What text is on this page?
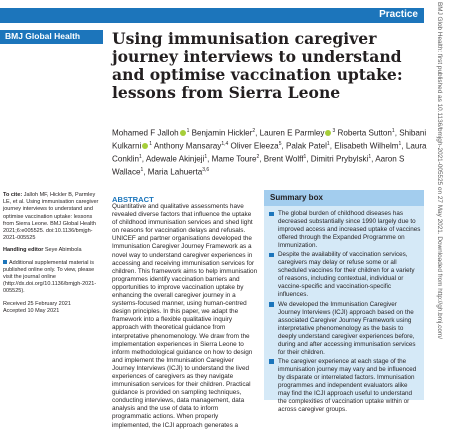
Practice
BMJ Global Health	BMJ Glob Health: first published as 10.1136/bmjgh-2021-005525 on 27 May 2021. Downloaded from http://gh.bmj.com/
Using immunisation caregiver journey interviews to understand and optimise vaccination uptake: lessons from Sierra Leone
Mohamed F Jalloh $^1$ Benjamin Hickler$^2$, Lauren E Parmley $^3$ Roberta Sutton$^1$, Shibani Kulkarni $^1$ Anthony Mansaray$^{1,4}$ Oliver Eleeza$^5$, Palak Patel$^1$, Elisabeth Wilhelm$^1$, Laura Conklin$^1$, Adewale Akinjeji$^1$, Mame Toure$^2$, Brent Wolff$^1$, Dimitri Prybylski$^1$, Aaron S Wallace$^1$, Maria Lahuerta$^{3,6}$
To cite: Jalloh MF, Hickler B, Parmley LE, et al. Using immunisation caregiver journey interviews to understand and optimise vaccination uptake: lessons from Sierra Leone. BMJ Global Health 2021;6:e005525. doi:10.1136/bmjgh-2021-005525
Handling editor Seye Abimbola
Additional supplemental material is published online only. To view, please visit the journal online (http://dx.doi.org/10.1136/bmjgh-2021-005525).
Received 25 February 2021
Accepted 10 May 2021
ABSTRACT
Quantitative and qualitative assessments have revealed diverse factors that influence the uptake of childhood immunisation services and shed light on reasons for vaccination delays and refusals. UNICEF and partner organisations developed the Immunisation Caregiver Journey Framework as a novel way to understand caregiver experiences in accessing and receiving immunisation services for children. This framework aims to help immunisation programmes identify vaccination barriers and opportunities to improve vaccination uptake by enhancing the overall caregiver journey in a systems-focused manner, using human-centred design principles. In this paper, we adapt the framework into a flexible qualitative inquiry approach with theoretical guidance from interpretative phenomenology. We draw from the implementation experiences in Sierra Leone to inform methodological guidance on how to design and implement the Immunisation Caregiver Journey Interviews (ICJI) to understand the lived experiences of caregivers as they navigate immunisation services for their children. Practical guidance is provided on sampling techniques, conducting interviews, data management, data analysis and the use of data to inform programmatic actions. When properly implemented, the ICJI approach generates a
Summary box
The global burden of childhood diseases has decreased substantially since 1990 largely due to improved access and increased uptake of vaccines offered through the Expanded Programme on Immunization.
Despite the availability of vaccination services, caregivers may delay or refuse some or all scheduled vaccines for their children for a variety of reasons, including contextual, individual or vaccine-specific and vaccination-specific influences.
We developed the Immunisation Caregiver Journey Interviews (ICJI) approach based on the associated Caregiver Journey Framework using interpretative phenomenology as the basis to deeply understand caregiver experiences before, during and after accessing immunisation services for their children.
The caregiver experience at each stage of the immunisation journey may vary and be influenced by disparate or interrelated factors. Immunisation programmes and independent evaluators alike may find the ICJI approach useful to understand the complexities of vaccination uptake within or across caregiver groups.
